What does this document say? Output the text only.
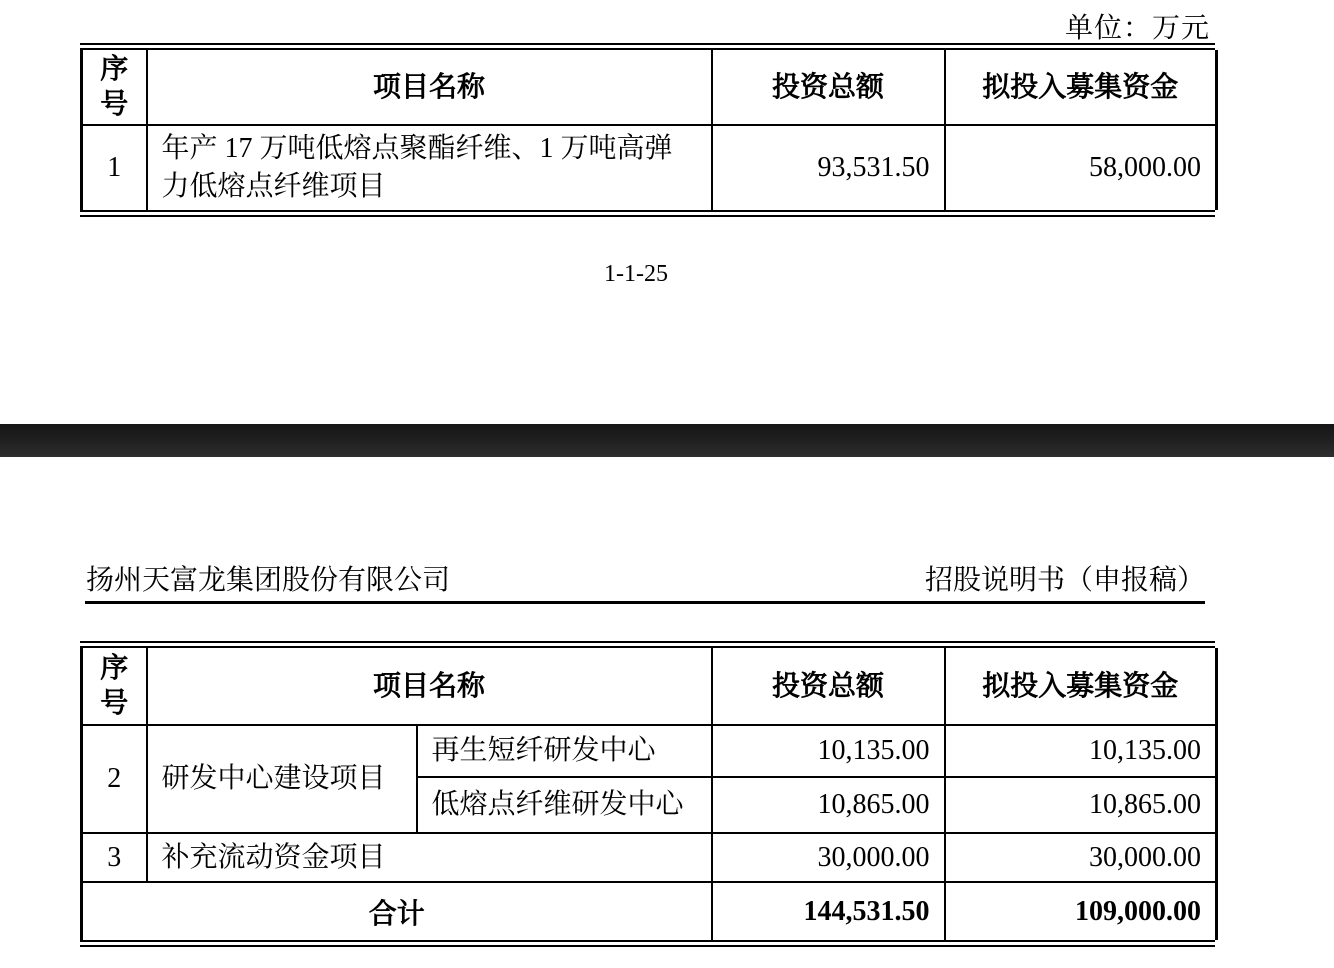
单位：万元
序号	项目名称	投资总额	拟投入募集资金
1	年产 17 万吨低熔点聚酯纤维、1 万吨高弹力低熔点纤维项目	93,531.50	58,000.00
1-1-25
扬州天富龙集团股份有限公司	招股说明书（申报稿）
序号	项目名称		投资总额	拟投入募集资金
2	研发中心建设项目	再生短纤研发中心	10,135.00	10,135.00
		低熔点纤维研发中心	10,865.00	10,865.00
3	补充流动资金项目		30,000.00	30,000.00
合计			144,531.50	109,000.00
